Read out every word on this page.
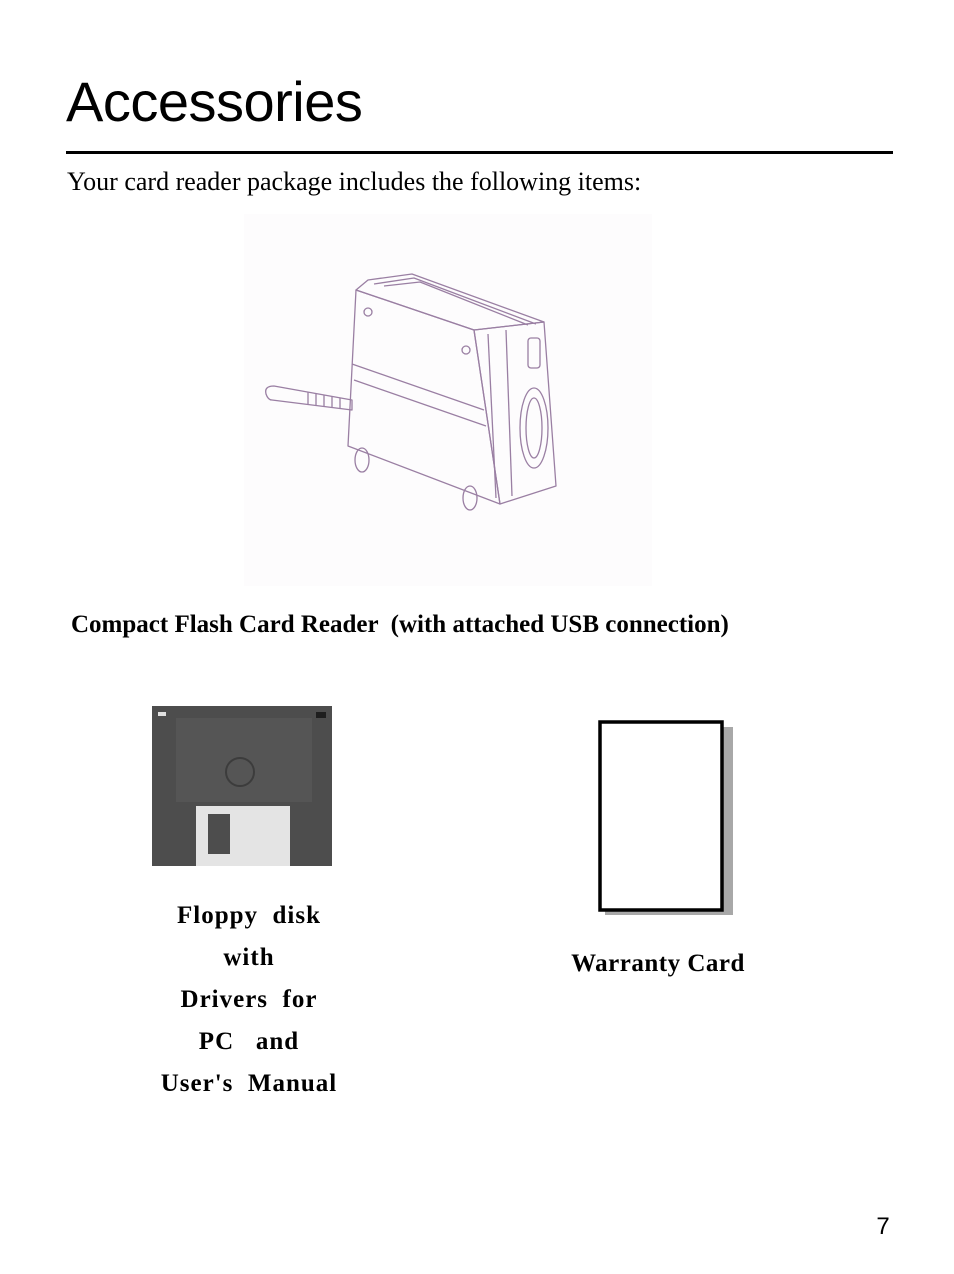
Accessories
Your card reader package includes the following items:
Compact Flash Card Reader  (with attached USB connection)
Floppy  disk
with
Drivers  for
PC   and
User's  Manual
Warranty Card
7
